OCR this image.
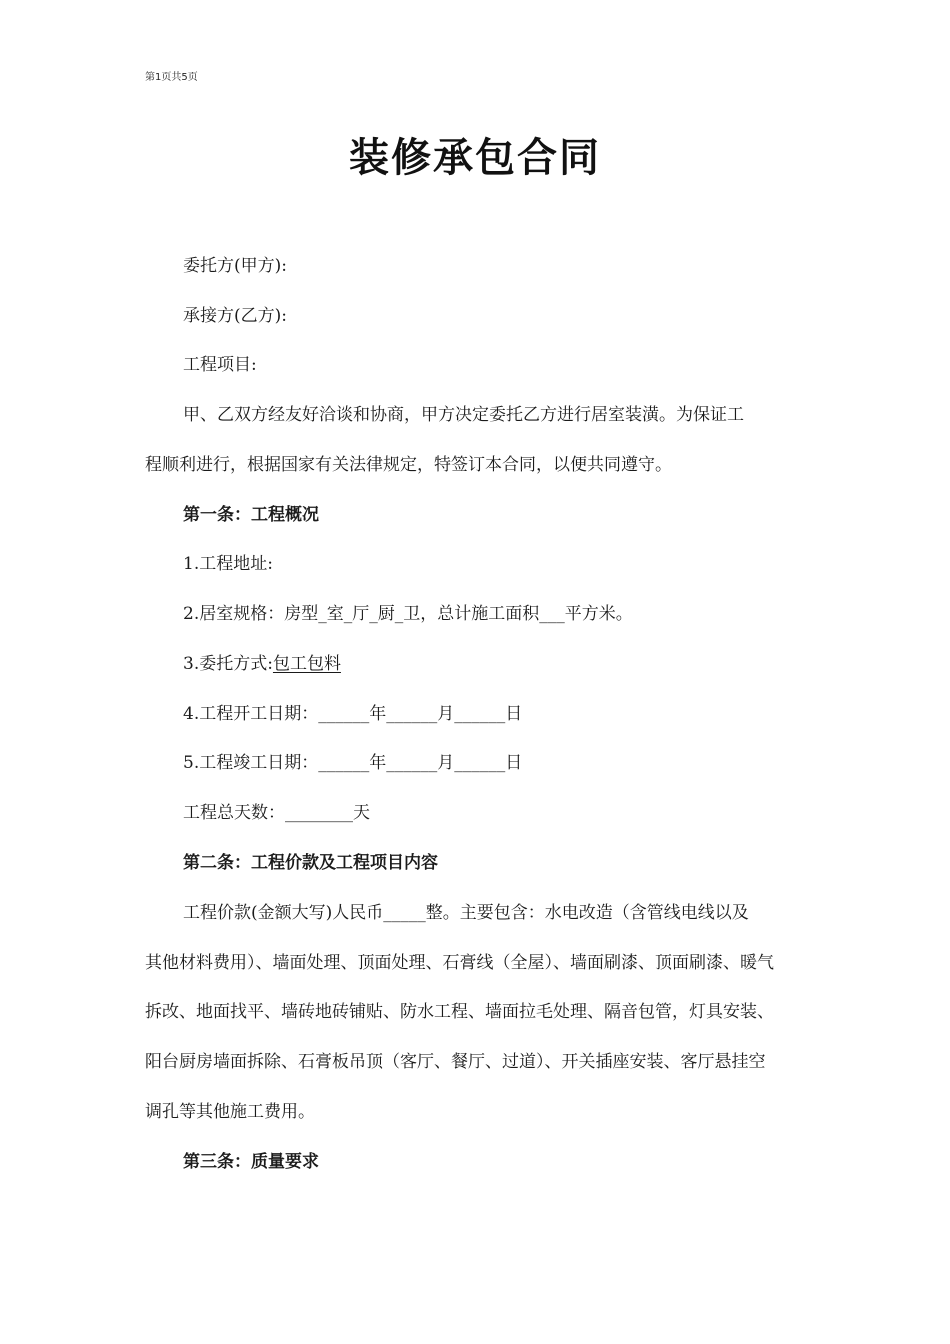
第1页共5页
装修承包合同
委托方(甲方):
承接方(乙方):
工程项目:
甲、乙双方经友好洽谈和协商，甲方决定委托乙方进行居室装潢。为保证工
程顺利进行，根据国家有关法律规定，特签订本合同，以便共同遵守。
第一条：工程概况
1.工程地址:
2.居室规格：房型_室_厅_厨_卫，总计施工面积___平方米。
3.委托方式:包工包料
4.工程开工日期：______年______月______日
5.工程竣工日期：______年______月______日
工程总天数：________天
第二条：工程价款及工程项目内容
工程价款(金额大写)人民币_____整。主要包含：水电改造（含管线电线以及
其他材料费用）、墙面处理、顶面处理、石膏线（全屋）、墙面刷漆、顶面刷漆、暖气
拆改、地面找平、墙砖地砖铺贴、防水工程、墙面拉毛处理、隔音包管，灯具安装、
阳台厨房墙面拆除、石膏板吊顶（客厅、餐厅、过道）、开关插座安装、客厅悬挂空
调孔等其他施工费用。
第三条：质量要求
